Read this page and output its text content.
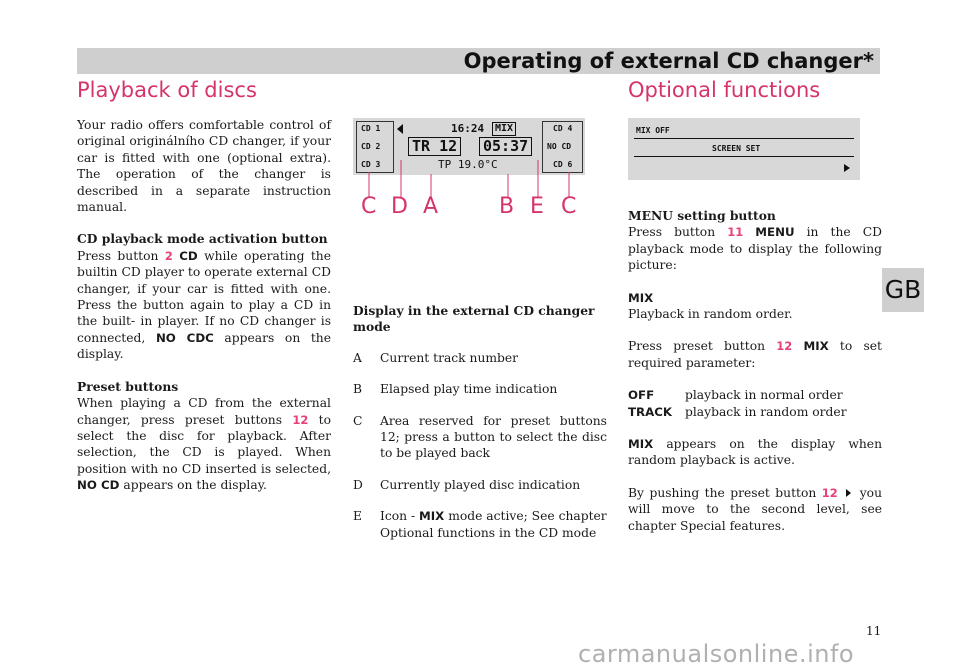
Operating of external CD changer*
Playback of discs

Your radio offers comfortable control of original originálního CD changer, if your car is fitted with one (optional extra). The operation of the changer is described in a separate instruction manual.

CD playback mode activation button
Press button 2 CD while operating the builtin CD player to operate external CD changer, if your car is fitted with one. Press the button again to play a CD in the built- in player. If no CD changer is connected, NO CDC appears on the display.

Preset buttons
When playing a CD from the external changer, press preset buttons 12 to select the disc for playback. After selection, the CD is played. When position with no CD inserted is selected, NO CD appears on the display.

CD 1
CD 2
CD 3
CD 4
NO CD
CD 6
16:24	MIX
TR 12 05:37
TP 19.0°C
C D A	B E C

Display in the external CD changer mode

A	Current track number
B	Elapsed play time indication
C	Area reserved for preset buttons 12; press a button to select the disc to be played back
D	Currently played disc indication
E	Icon - MIX mode active; See chapter Optional functions in the CD mode
Optional functions
MIX OFF
SCREEN SET

MENU setting button
Press button 11 MENU in the CD playback mode to display the following picture:

MIX
Playback in random order.

Press preset button 12 MIX to set required parameter:

OFF	playback in normal order
TRACK	playback in random order

MIX appears on the display when random playback is active.

By pushing the preset button 12  you will move to the second level, see chapter Special features.

GB
11
carmanualsonline.info
